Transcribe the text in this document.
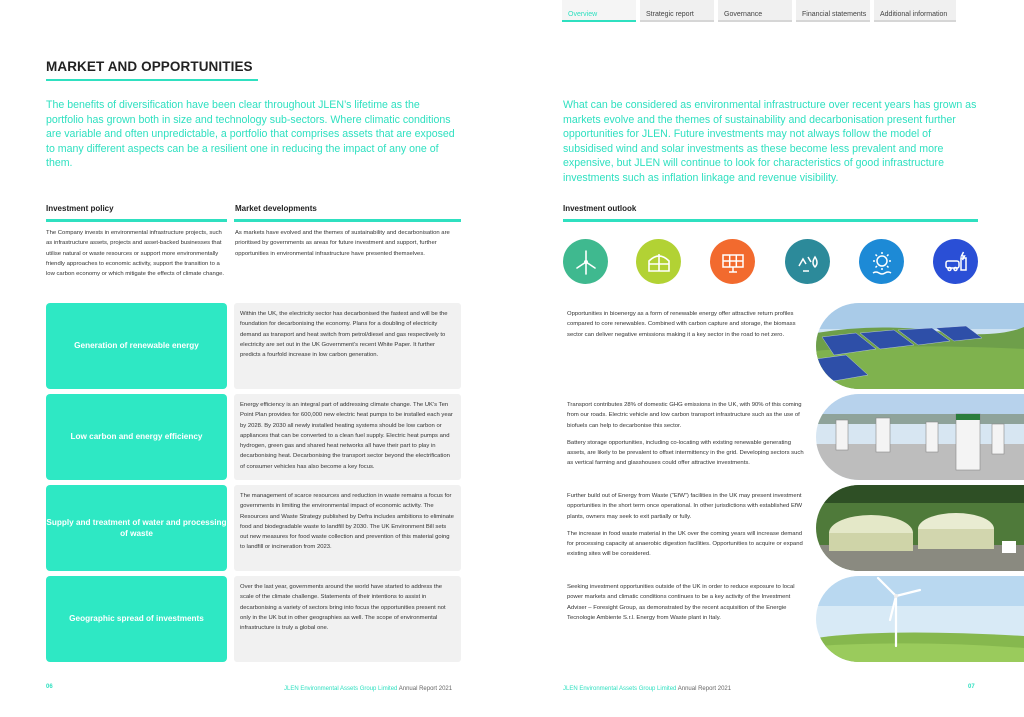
Overview	Strategic report	Governance	Financial statements	Additional information
MARKET AND OPPORTUNITIES
The benefits of diversification have been clear throughout JLEN’s lifetime as the portfolio has grown both in size and technology sub-sectors. Where climatic conditions are variable and often unpredictable, a portfolio that comprises assets that are exposed to many different aspects can be a resilient one in reducing the impact of any one of them.
What can be considered as environmental infrastructure over recent years has grown as markets evolve and the themes of sustainability and decarbonisation present further opportunities for JLEN. Future investments may not always follow the model of subsidised wind and solar investments as these become less prevalent and more expensive, but JLEN will continue to look for characteristics of good infrastructure investments such as inflation linkage and revenue visibility.
Investment policy	Market developments	Investment outlook
The Company invests in environmental infrastructure projects, such as infrastructure assets, projects and asset-backed businesses that utilise natural or waste resources or support more environmentally friendly approaches to economic activity, support the transition to a low carbon economy or which mitigate the effects of climate change.
As markets have evolved and the themes of sustainability and decarbonisation are prioritised by governments as areas for future investment and support, further opportunities in environmental infrastructure have presented themselves.
Generation of renewable energy
Within the UK, the electricity sector has decarbonised the fastest and will be the foundation for decarbonising the economy. Plans for a doubling of electricity demand as transport and heat switch from petrol/diesel and gas respectively to electricity are set out in the UK Government’s recent White Paper. It further predicts a fourfold increase in low carbon generation.

Opportunities in bioenergy as a form of renewable energy offer attractive return profiles compared to core renewables. Combined with carbon capture and storage, the biomass sector can deliver negative emissions making it a key sector in the road to net zero.

Low carbon and energy efficiency
Energy efficiency is an integral part of addressing climate change. The UK’s Ten Point Plan provides for 600,000 new electric heat pumps to be installed each year by 2028. By 2030 all newly installed heating systems should be low carbon or appliances that can be converted to a clean fuel supply. Electric heat pumps and hydrogen, green gas and shared heat networks all have their part to play in decarbonising heat. Decarbonising the transport sector beyond the electrification of consumer vehicles has also become a key focus.

Transport contributes 28% of domestic GHG emissions in the UK, with 90% of this coming from our roads. Electric vehicle and low carbon transport infrastructure such as the use of biofuels can help to decarbonise this sector.

Battery storage opportunities, including co-locating with existing renewable generating assets, are likely to be prevalent to offset intermittency in the grid. Developing sectors such as vertical farming and glasshouses could offer attractive investments.

Supply and treatment of water and processing of waste
The management of scarce resources and reduction in waste remains a focus for governments in limiting the environmental impact of economic activity. The Resources and Waste Strategy published by Defra includes ambitions to eliminate food and biodegradable waste to landfill by 2030. The UK Environment Bill sets out new measures for food waste collection and prevention of this material going to landfill or incineration from 2023.

Further build out of Energy from Waste (“EfW”) facilities in the UK may present investment opportunities in the short term once operational. In other jurisdictions with established EfW plants, owners may seek to exit partially or fully.

The increase in food waste material in the UK over the coming years will increase demand for processing capacity at anaerobic digestion facilities. Opportunities to acquire or expand existing sites will be considered.

Geographic spread of investments
Over the last year, governments around the world have started to address the scale of the climate challenge. Statements of their intentions to assist in decarbonising a variety of sectors bring into focus the opportunities present not only in the UK but in other geographies as well. The scope of environmental infrastructure is truly a global one.

Seeking investment opportunities outside of the UK in order to reduce exposure to local power markets and climatic conditions continues to be a key activity of the Investment Adviser – Foresight Group, as demonstrated by the recent acquisition of the Energie Tecnologie Ambiente S.r.l. Energy from Waste plant in Italy.

06	JLEN Environmental Assets Group Limited Annual Report 2021	JLEN Environmental Assets Group Limited Annual Report 2021	07
